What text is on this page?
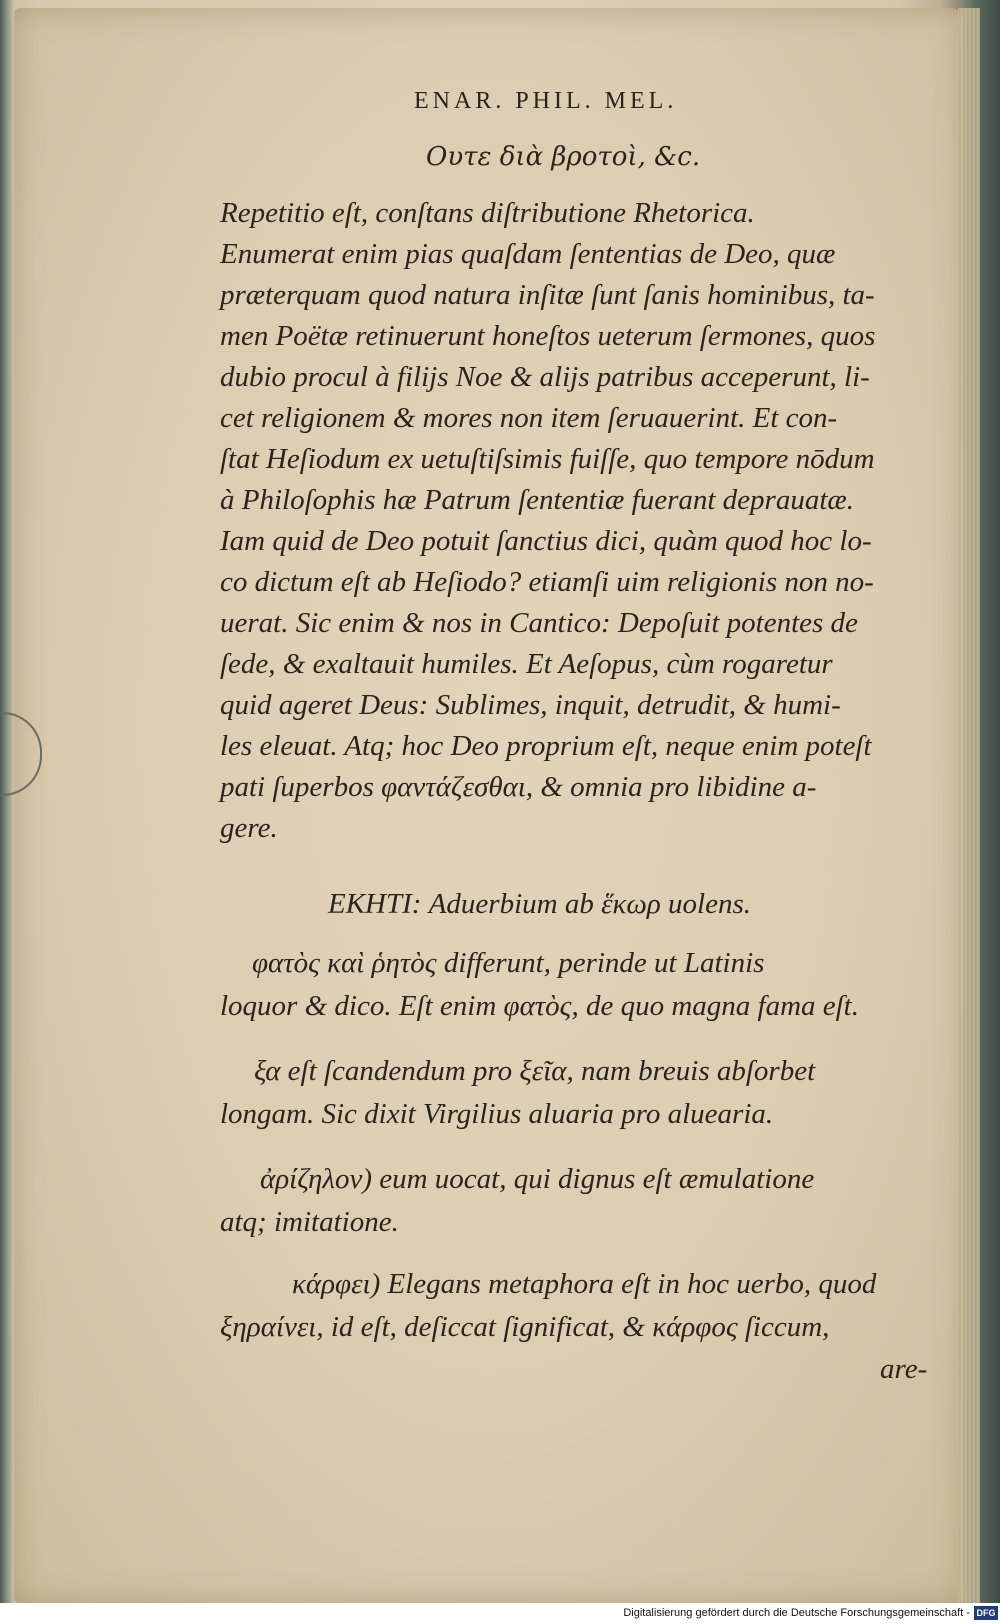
ENAR. PHIL. MEL.
Ουτε διὰ βροτοὶ, &c.
Repetitio eſt, conſtans diſtributione Rhetorica.
Enumerat enim pias quaſdam ſententias de Deo, quæ
præterquam quod natura inſitæ ſunt ſanis hominibus, ta-
men Poëtæ retinuerunt honeſtos ueterum ſermones, quos
dubio procul à filijs Noe & alijs patribus acceperunt, li-
cet religionem & mores non item ſeruauerint. Et con-
ſtat Heſiodum ex uetuſtiſsimis fuiſſe, quo tempore nōdum
à Philoſophis hæ Patrum ſententiæ fuerant deprauatæ.
Iam quid de Deo potuit ſanctius dici, quàm quod hoc lo-
co dictum eſt ab Heſiodo? etiamſi uim religionis non no-
uerat. Sic enim & nos in Cantico: Depoſuit potentes de
ſede, & exaltauit humiles. Et Aeſopus, cùm rogaretur
quid ageret Deus: Sublimes, inquit, detrudit, & humi-
les eleuat. Atq; hoc Deo proprium eſt, neque enim poteſt
pati ſuperbos φαντάζεσθαι, & omnia pro libidine a-
gere.
ΕΚΗΤΙ: Aduerbium ab ἕκωρ uolens.
φατὸς καὶ ῥητὸς differunt, perinde ut Latinis
loquor & dico. Eſt enim φατὸς, de quo magna fama eſt.
ξα eſt ſcandendum pro ξεῖα, nam breuis abſorbet
longam. Sic dixit Virgilius aluaria pro aluearia.
ἀρίζηλον) eum uocat, qui dignus eſt æmulatione
atq; imitatione.
κάρφει) Elegans metaphora eſt in hoc uerbo, quod
ξηραίνει, id eſt, deſiccat ſignificat, & κάρφος ſiccum,
are-
Digitalisierung gefördert durch die Deutsche Forschungsgemeinschaft - DFG
